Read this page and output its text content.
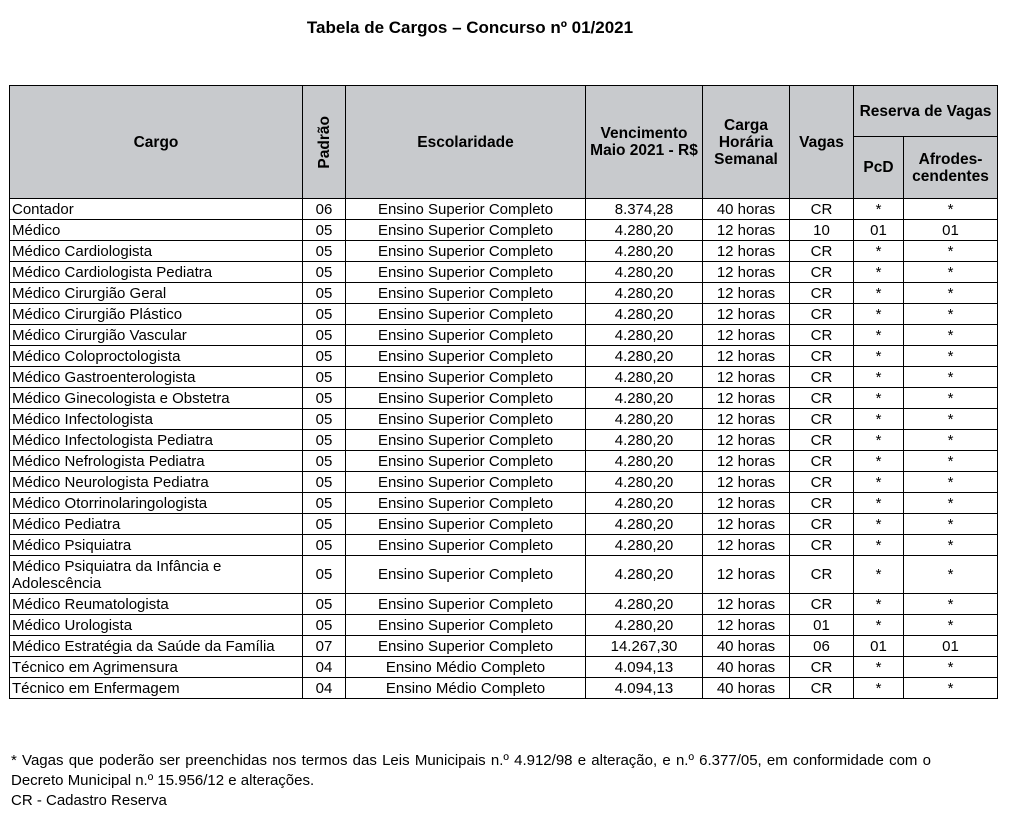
Tabela de Cargos – Concurso nº 01/2021
Cargo	Padrão	Escolaridade	Vencimento Maio 2021 - R$	Carga Horária Semanal	Vagas	Reserva de Vagas	
						PcD	Afrodes-cendentes
Contador	06	Ensino Superior Completo	8.374,28	40 horas	CR	*	*
Médico	05	Ensino Superior Completo	4.280,20	12 horas	10	01	01
Médico Cardiologista	05	Ensino Superior Completo	4.280,20	12 horas	CR	*	*
Médico Cardiologista Pediatra	05	Ensino Superior Completo	4.280,20	12 horas	CR	*	*
Médico Cirurgião Geral	05	Ensino Superior Completo	4.280,20	12 horas	CR	*	*
Médico Cirurgião Plástico	05	Ensino Superior Completo	4.280,20	12 horas	CR	*	*
Médico Cirurgião Vascular	05	Ensino Superior Completo	4.280,20	12 horas	CR	*	*
Médico Coloproctologista	05	Ensino Superior Completo	4.280,20	12 horas	CR	*	*
Médico Gastroenterologista	05	Ensino Superior Completo	4.280,20	12 horas	CR	*	*
Médico Ginecologista e Obstetra	05	Ensino Superior Completo	4.280,20	12 horas	CR	*	*
Médico Infectologista	05	Ensino Superior Completo	4.280,20	12 horas	CR	*	*
Médico Infectologista Pediatra	05	Ensino Superior Completo	4.280,20	12 horas	CR	*	*
Médico Nefrologista Pediatra	05	Ensino Superior Completo	4.280,20	12 horas	CR	*	*
Médico Neurologista Pediatra	05	Ensino Superior Completo	4.280,20	12 horas	CR	*	*
Médico Otorrinolaringologista	05	Ensino Superior Completo	4.280,20	12 horas	CR	*	*
Médico Pediatra	05	Ensino Superior Completo	4.280,20	12 horas	CR	*	*
Médico Psiquiatra	05	Ensino Superior Completo	4.280,20	12 horas	CR	*	*
Médico Psiquiatra da Infância e Adolescência	05	Ensino Superior Completo	4.280,20	12 horas	CR	*	*
Médico Reumatologista	05	Ensino Superior Completo	4.280,20	12 horas	CR	*	*
Médico Urologista	05	Ensino Superior Completo	4.280,20	12 horas	01	*	*
Médico Estratégia da Saúde da Família	07	Ensino Superior Completo	14.267,30	40 horas	06	01	01
Técnico em Agrimensura	04	Ensino Médio Completo	4.094,13	40 horas	CR	*	*
Técnico em Enfermagem	04	Ensino Médio Completo	4.094,13	40 horas	CR	*	*

* Vagas que poderão ser preenchidas nos termos das Leis Municipais n.º 4.912/98 e alteração, e n.º 6.377/05, em conformidade com o Decreto Municipal n.º 15.956/12 e alterações.

CR - Cadastro Reserva
